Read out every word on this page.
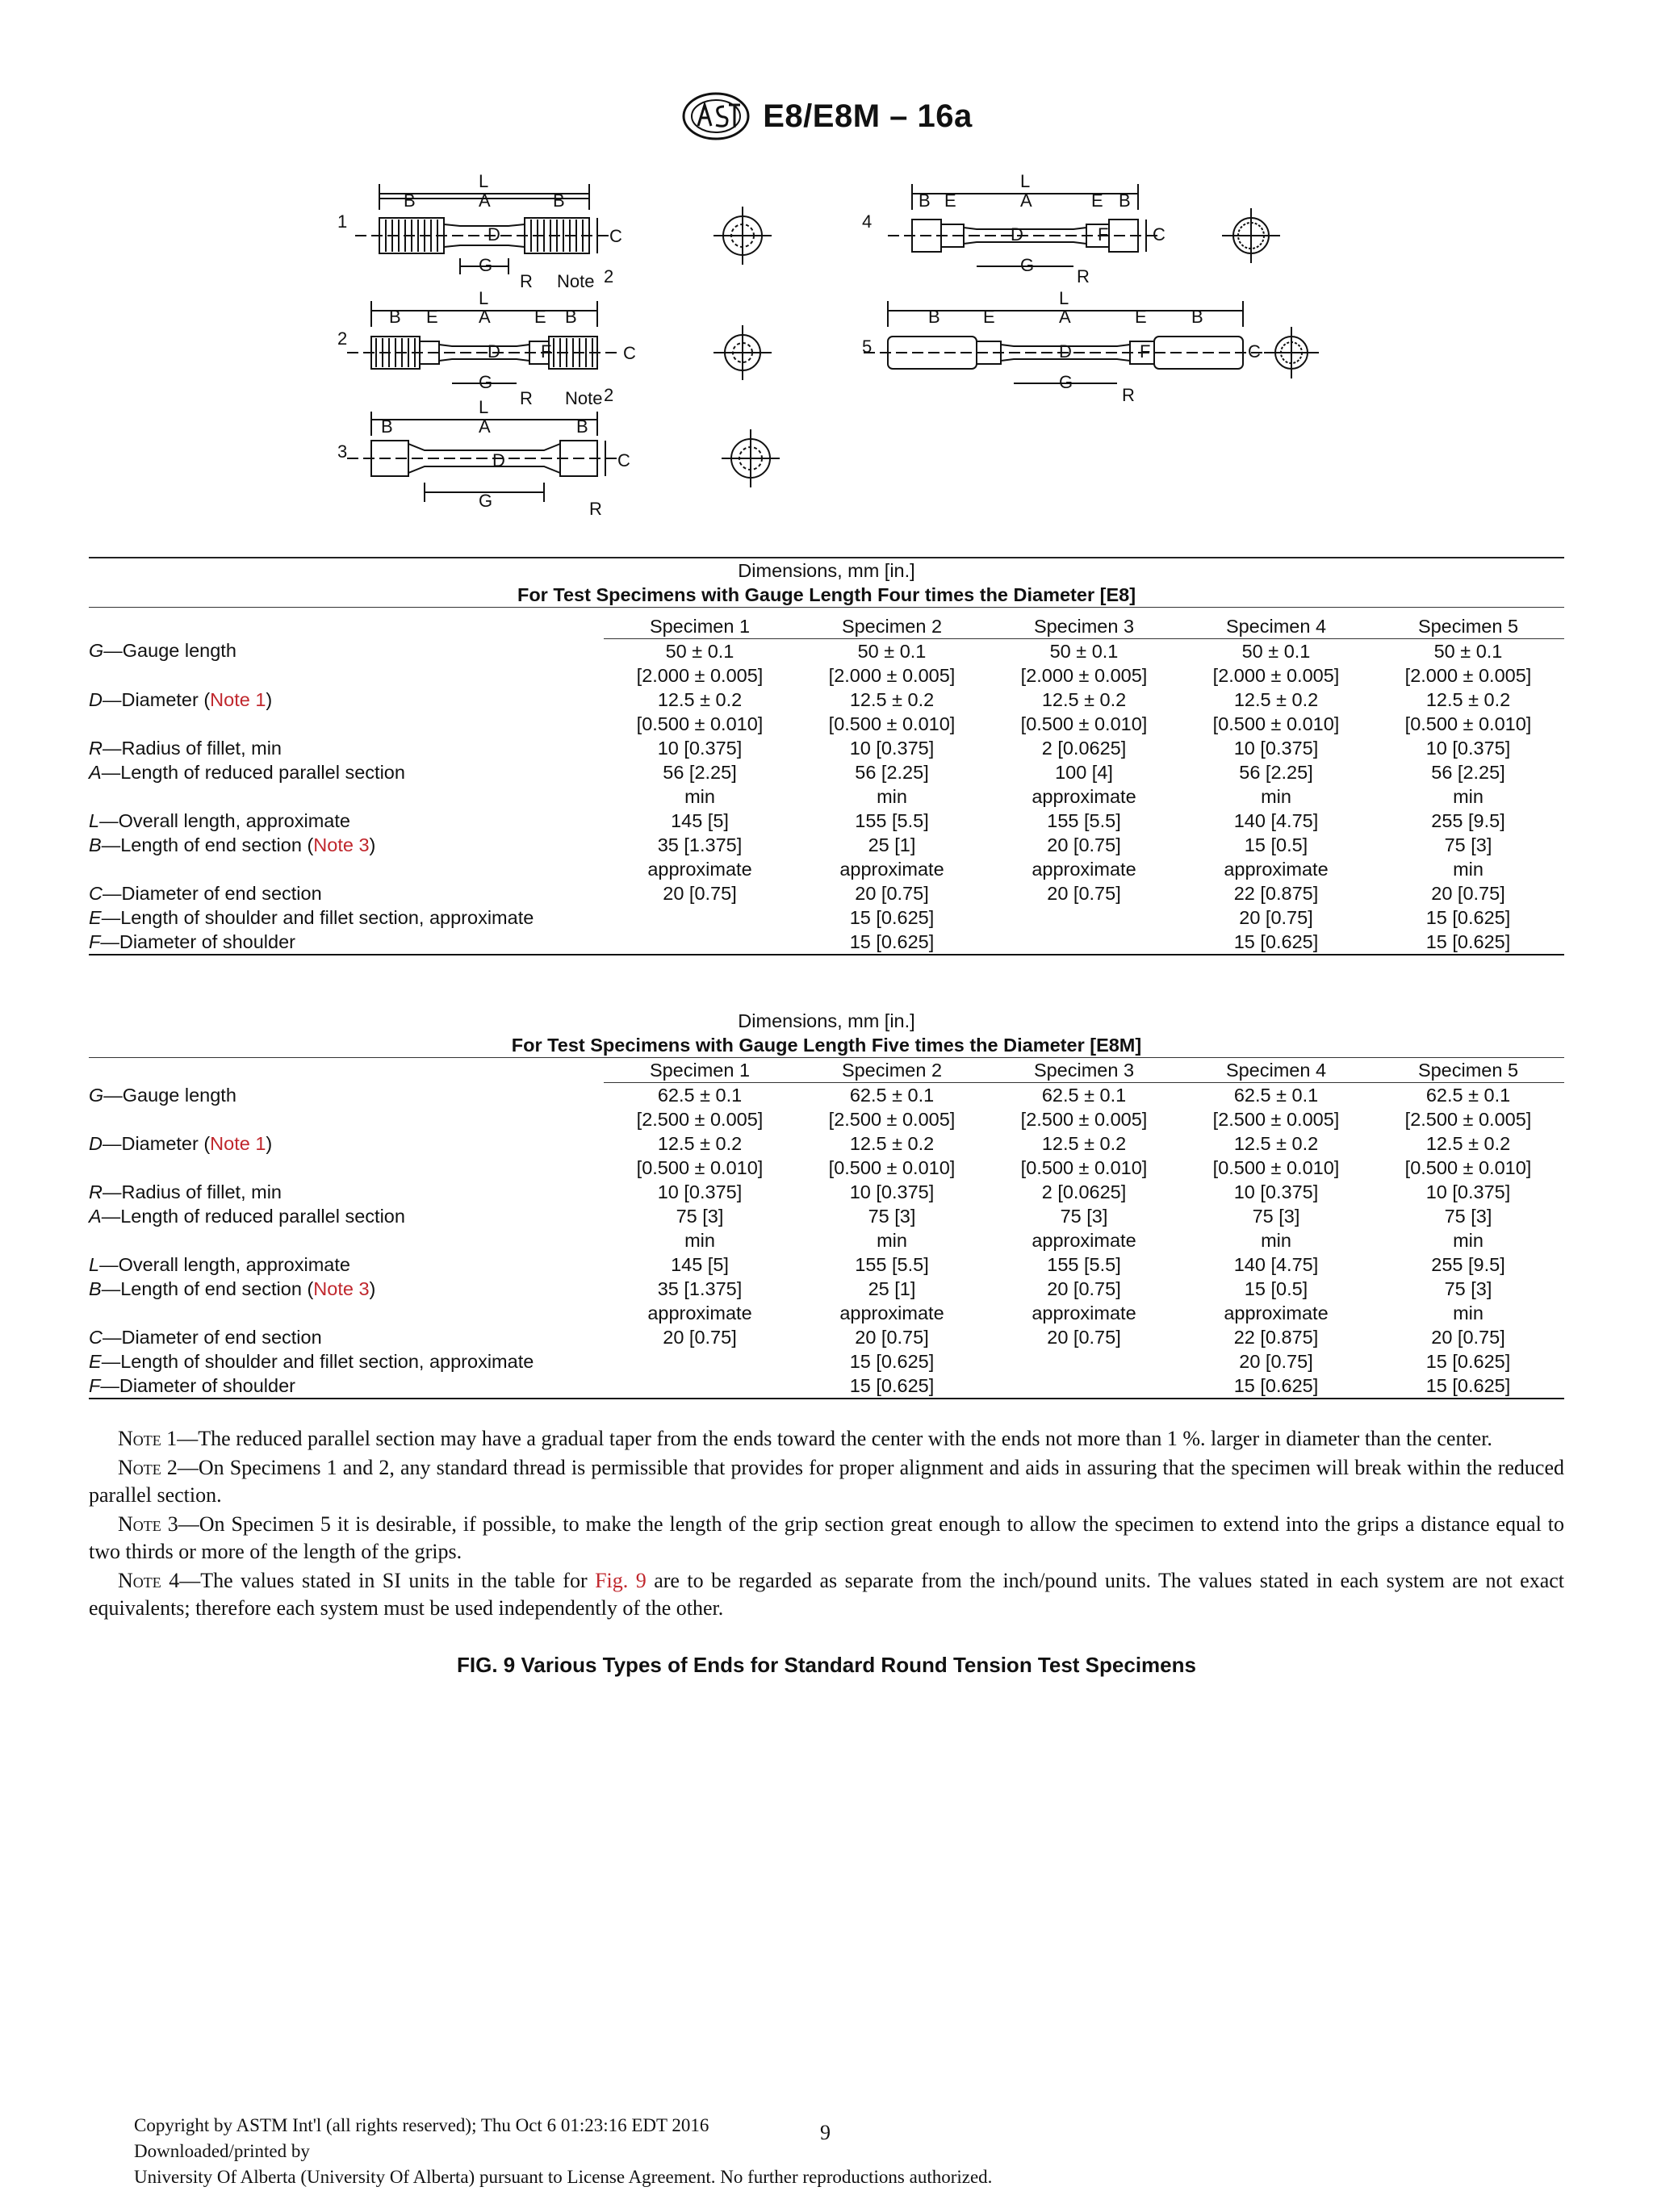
E8/E8M – 16a
1
2
3
4
5
L
A
B	B
D
G
C
R Note 2
L
A
B E	E B
D F	C
G
Note
R	2
L
A
B	B
D	C
G	R
L
A
B E	E B
D	F C
G
R
L
A
B E	E	B
D	F	C
G
R
Dimensions, mm [in.]
For Test Specimens with Gauge Length Four times the Diameter [E8]
	Specimen 1	Specimen 2	Specimen 3	Specimen 4	Specimen 5
G—Gauge length	50 ± 0.1	50 ± 0.1	50 ± 0.1	50 ± 0.1	50 ± 0.1
	[2.000 ± 0.005]	[2.000 ± 0.005]	[2.000 ± 0.005]	[2.000 ± 0.005]	[2.000 ± 0.005]
D—Diameter (Note 1)	12.5 ± 0.2	12.5 ± 0.2	12.5 ± 0.2	12.5 ± 0.2	12.5 ± 0.2
	[0.500 ± 0.010]	[0.500 ± 0.010]	[0.500 ± 0.010]	[0.500 ± 0.010]	[0.500 ± 0.010]
R—Radius of fillet, min	10 [0.375]	10 [0.375]	2 [0.0625]	10 [0.375]	10 [0.375]
A—Length of reduced parallel section	56 [2.25]	56 [2.25]	100 [4]	56 [2.25]	56 [2.25]
	min	min	approximate	min	min
L—Overall length, approximate	145 [5]	155 [5.5]	155 [5.5]	140 [4.75]	255 [9.5]
B—Length of end section (Note 3)	35 [1.375]	25 [1]	20 [0.75]	15 [0.5]	75 [3]
	approximate	approximate	approximate	approximate	min
C—Diameter of end section	20 [0.75]	20 [0.75]	20 [0.75]	22 [0.875]	20 [0.75]
E—Length of shoulder and fillet section, approximate		15 [0.625]		20 [0.75]	15 [0.625]
F—Diameter of shoulder		15 [0.625]		15 [0.625]	15 [0.625]
Dimensions, mm [in.]
For Test Specimens with Gauge Length Five times the Diameter [E8M]
	Specimen 1	Specimen 2	Specimen 3	Specimen 4	Specimen 5
G—Gauge length	62.5 ± 0.1	62.5 ± 0.1	62.5 ± 0.1	62.5 ± 0.1	62.5 ± 0.1
	[2.500 ± 0.005]	[2.500 ± 0.005]	[2.500 ± 0.005]	[2.500 ± 0.005]	[2.500 ± 0.005]
D—Diameter (Note 1)	12.5 ± 0.2	12.5 ± 0.2	12.5 ± 0.2	12.5 ± 0.2	12.5 ± 0.2
	[0.500 ± 0.010]	[0.500 ± 0.010]	[0.500 ± 0.010]	[0.500 ± 0.010]	[0.500 ± 0.010]
R—Radius of fillet, min	10 [0.375]	10 [0.375]	2 [0.0625]	10 [0.375]	10 [0.375]
A—Length of reduced parallel section	75 [3]	75 [3]	75 [3]	75 [3]	75 [3]
	min	min	approximate	min	min
L—Overall length, approximate	145 [5]	155 [5.5]	155 [5.5]	140 [4.75]	255 [9.5]
B—Length of end section (Note 3)	35 [1.375]	25 [1]	20 [0.75]	15 [0.5]	75 [3]
	approximate	approximate	approximate	approximate	min
C—Diameter of end section	20 [0.75]	20 [0.75]	20 [0.75]	22 [0.875]	20 [0.75]
E—Length of shoulder and fillet section, approximate		15 [0.625]		20 [0.75]	15 [0.625]
F—Diameter of shoulder		15 [0.625]		15 [0.625]	15 [0.625]

Note 1—The reduced parallel section may have a gradual taper from the ends toward the center with the ends not more than 1 %. larger in diameter than the center.

Note 2—On Specimens 1 and 2, any standard thread is permissible that provides for proper alignment and aids in assuring that the specimen will break within the reduced parallel section.

Note 3—On Specimen 5 it is desirable, if possible, to make the length of the grip section great enough to allow the specimen to extend into the grips a distance equal to two thirds or more of the length of the grips.

Note 4—The values stated in SI units in the table for Fig. 9 are to be regarded as separate from the inch/pound units. The values stated in each system are not exact equivalents; therefore each system must be used independently of the other.

FIG. 9 Various Types of Ends for Standard Round Tension Test Specimens
Copyright by ASTM Int'l (all rights reserved); Thu Oct 6 01:23:16 EDT 2016
Downloaded/printed by
University Of Alberta (University Of Alberta) pursuant to License Agreement. No further reproductions authorized.
9
